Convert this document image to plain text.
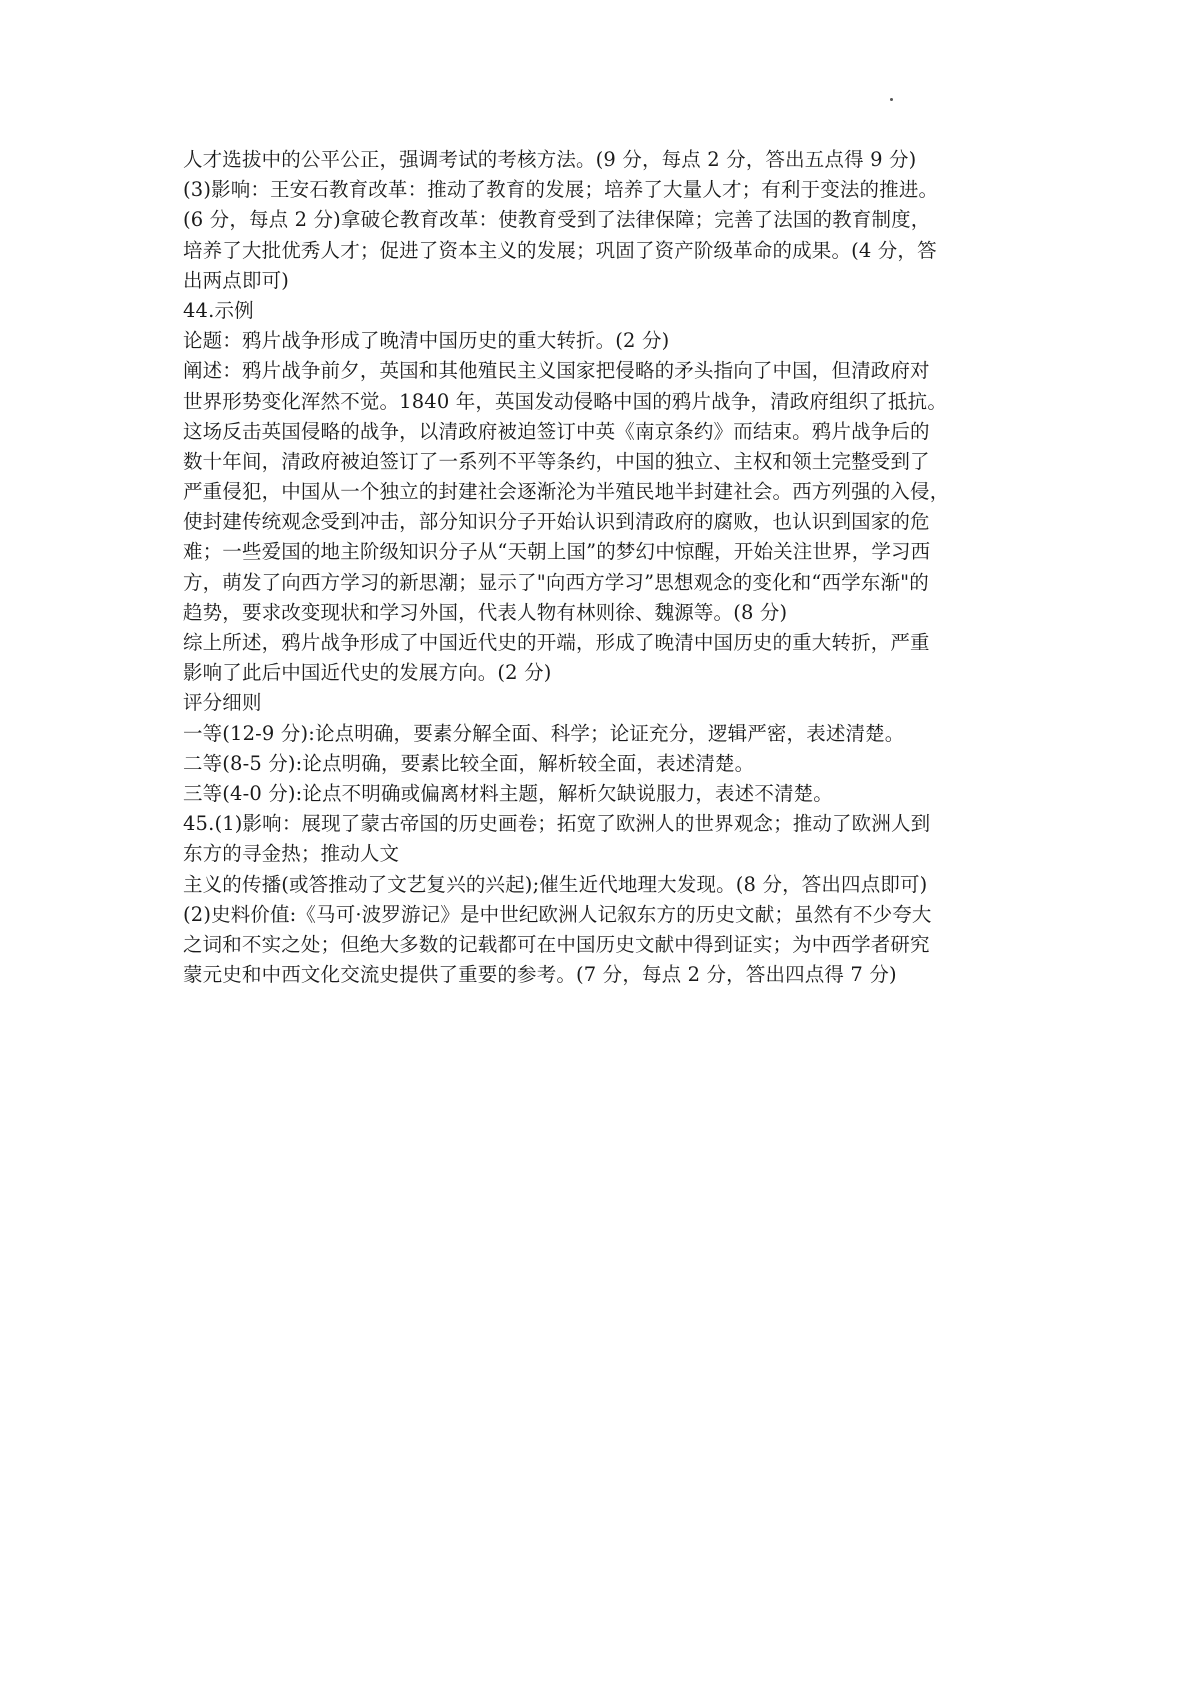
人才选拔中的公平公正，强调考试的考核方法。(9 分，每点 2 分，答出五点得 9 分)
(3)影响：王安石教育改革：推动了教育的发展；培养了大量人才；有利于变法的推进。
(6 分，每点 2 分)拿破仑教育改革：使教育受到了法律保障；完善了法国的教育制度，
培养了大批优秀人才；促进了资本主义的发展；巩固了资产阶级革命的成果。(4 分，答
出两点即可)
44.示例
论题：鸦片战争形成了晚清中国历史的重大转折。(2 分)
阐述：鸦片战争前夕，英国和其他殖民主义国家把侵略的矛头指向了中国，但清政府对
世界形势变化浑然不觉。1840 年，英国发动侵略中国的鸦片战争，清政府组织了抵抗。
这场反击英国侵略的战争，以清政府被迫签订中英《南京条约》而结束。鸦片战争后的
数十年间，清政府被迫签订了一系列不平等条约，中国的独立、主权和领土完整受到了
严重侵犯，中国从一个独立的封建社会逐渐沦为半殖民地半封建社会。西方列强的入侵，
使封建传统观念受到冲击，部分知识分子开始认识到清政府的腐败，也认识到国家的危
难；一些爱国的地主阶级知识分子从“天朝上国”的梦幻中惊醒，开始关注世界，学习西
方，萌发了向西方学习的新思潮；显示了"向西方学习”思想观念的变化和“西学东渐"的
趋势，要求改变现状和学习外国，代表人物有林则徐、魏源等。(8 分)
综上所述，鸦片战争形成了中国近代史的开端，形成了晚清中国历史的重大转折，严重
影响了此后中国近代史的发展方向。(2 分)
评分细则
一等(12-9 分):论点明确，要素分解全面、科学；论证充分，逻辑严密，表述清楚。
二等(8-5 分):论点明确，要素比较全面，解析较全面，表述清楚。
三等(4-0 分):论点不明确或偏离材料主题，解析欠缺说服力，表述不清楚。
45.(1)影响：展现了蒙古帝国的历史画卷；拓宽了欧洲人的世界观念；推动了欧洲人到
东方的寻金热；推动人文
主义的传播(或答推动了文艺复兴的兴起);催生近代地理大发现。(8 分，答出四点即可)
(2)史料价值:《马可·波罗游记》是中世纪欧洲人记叙东方的历史文献；虽然有不少夸大
之词和不实之处；但绝大多数的记载都可在中国历史文献中得到证实；为中西学者研究
蒙元史和中西文化交流史提供了重要的参考。(7 分，每点 2 分，答出四点得 7 分)
